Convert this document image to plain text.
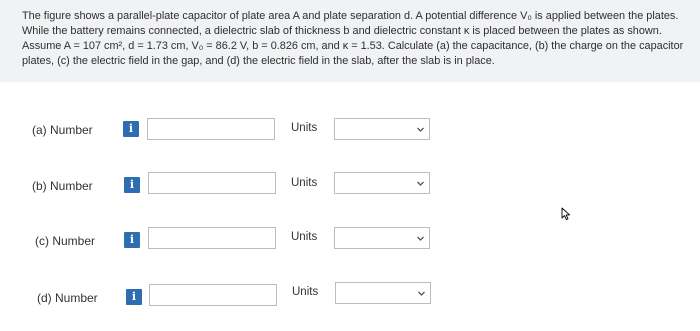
The figure shows a parallel-plate capacitor of plate area A and plate separation d. A potential difference V₀ is applied between the plates. While the battery remains connected, a dielectric slab of thickness b and dielectric constant κ is placed between the plates as shown. Assume A = 107 cm², d = 1.73 cm, V₀ = 86.2 V, b = 0.826 cm, and κ = 1.53. Calculate (a) the capacitance, (b) the charge on the capacitor plates, (c) the electric field in the gap, and (d) the electric field in the slab, after the slab is in place.

(a) Number	i	Units
(b) Number	i	Units
(c) Number	i	Units
(d) Number	i	Units
